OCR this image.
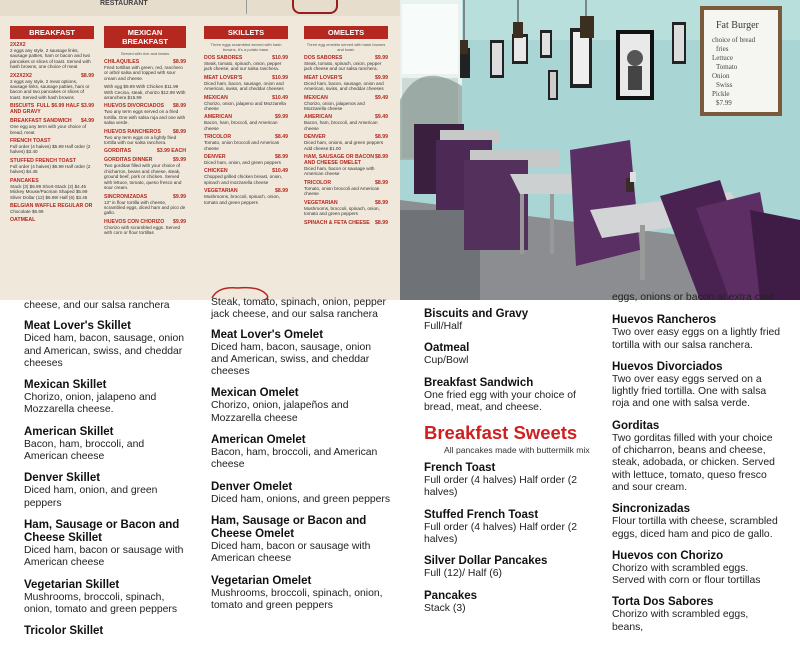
RESTAURANT
BREAKFAST
2X2X2
2 eggs any style, 2 sausage links, sausage patties, ham or bacon and two pancakes or slices of toast. Served with hash browns, one choice of meat
$8.99
2X2X2X2
2 eggs any style, 2 meat options, sausage links, sausage patties, ham or bacon and two pancakes or slices of toast. Served with hash browns
FULL $6.99 HALF $3.99
BISCUITS AND GRAVY
$4.99
BREAKFAST SANDWICH
One egg any term with your choice of bread, meat
FRENCH TOAST
Full order (4 halves) $5.99 Half order (2 halves) $3.40
STUFFED FRENCH TOAST
Full order (4 halves) $6.99 Half order (2 halves) $4.45
PANCAKES
Stack (3) $6.99 Short-Stack (2) $4.45 Mickey Mouse/Pacman Shaped $5.99 Silver Dollar (12) $6.99/ Half (6) $3.45
BELGIAN WAFFLE REGULAR OR
Chocolate $6.99
OATMEAL
MEXICAN BREAKFAST
Served with rice and beans
$8.99
CHILAQUILES
Fried tortillas with green, red, ranchero or arbol salsa and topped with sour cream and cheese.
With egg $9.99 With Chicken $11.99 With Cecina, steak, chorizo $12.99 With arranchera $15.99
$8.99
HUEVOS DIVORCIADOS
Two any term eggs served on a fried tortilla. One with salsa roja and one with salsa verde.
$8.99
HUEVOS RANCHEROS
Two any term eggs on a lightly fried tortilla with our salsa ranchera.
$3.99 EACH
GORDITAS
$9.99
GORDITAS DINNER
Two gorditas filled with your choice of chicharron, beans and cheese, steak, ground beef, pork or chicken. Served with lettuce, tomato, queso fresco and sour cream.
$9.99
SINCRONIZADAS
13" in flour tortilla with cheese, scrambled eggs, diced ham and pico de gallo.
$9.99
HUEVOS CON CHORIZO
Chorizo with scrambled eggs. Served with corn or flour tortillas
SKILLETS
Three eggs scrambled served with hash browns. It's a potato base.
$10.99
DOS SABORES
Steak, tomato, spinach, onion, pepper jack cheese, and our salsa ranchera.
$10.99
MEAT LOVER'S
Diced ham, bacon, sausage, onion and American, swiss, and cheddar cheeses
$10.49
MEXICAN
Chorizo, onion, jalapeno and Mozzarella cheese
$9.99
AMERICAN
Bacon, ham, broccoli, and American cheese
$8.49
TRICOLOR
Tomato, onion broccoli and American cheese
$8.99
DENVER
Diced ham, onion, and green peppers
$10.49
CHICKEN
Chopped grilled chicken breast, onion, spinach and mozzarella cheese
$8.99
VEGETARIAN
Mushrooms, broccoli, spinach, onion, tomato and green peppers
OMELETS
Three egg omelets served with hash browns and toast.
$9.99
DOS SABORES
Steak, tomato, spinach, onion, pepper jack cheese and our salsa ranchera.
$9.99
MEAT LOVER'S
Diced ham, bacon, sausage, onion and American, swiss, and cheddar cheeses
$9.49
MEXICAN
Chorizo, onion, jalapenos and Mozzarella cheese
$9.49
AMERICAN
Bacon, ham, broccoli, and American cheese
$8.99
DENVER
Diced ham, onions, and green peppers Add cheese $1.00
$8.99
HAM, SAUSAGE OR BACON AND CHEESE OMELET
Diced ham, bacon or sausage with American cheese
$8.99
TRICOLOR
Tomato, onion broccoli and American cheese
$8.99
VEGETARIAN
Mushrooms, broccoli, spinach, onion, tomato and green peppers
$8.99
SPINACH & FETA CHEESE
Fat Burger
choice of bread
fries
Lettuce
Tomato
Onion
Swiss
Pickle
$7.99
cheese, and our salsa ranchera
Meat Lover's Skillet
Diced ham, bacon, sausage, onion and American, swiss, and cheddar cheeses
Mexican Skillet
Chorizo, onion, jalapeno and Mozzarella cheese.
American Skillet
Bacon, ham, broccoli, and American cheese
Denver Skillet
Diced ham, onion, and green peppers
Ham, Sausage or Bacon and Cheese Skillet
Diced ham, bacon or sausage with American cheese
Vegetarian Skillet
Mushrooms, broccoli, spinach, onion, tomato and green peppers
Tricolor Skillet
Steak, tomato, spinach, onion, pepper jack cheese, and our salsa ranchera
Meat Lover's Omelet
Diced ham, bacon, sausage, onion and American, swiss, and cheddar cheeses
Mexican Omelet
Chorizo, onion, jalapeños and Mozzarella cheese
American Omelet
Bacon, ham, broccoli, and American cheese
Denver Omelet
Diced ham, onions, and green peppers
Ham, Sausage or Bacon and Cheese Omelet
Diced ham, bacon or sausage with American cheese
Vegetarian Omelet
Mushrooms, broccoli, spinach, onion, tomato and green peppers
Biscuits and Gravy
Full/Half
Oatmeal
Cup/Bowl
Breakfast Sandwich
One fried egg with your choice of bread, meat, and cheese.
Breakfast Sweets
All pancakes made with buttermilk mix
French Toast
Full order (4 halves) Half order (2 halves)
Stuffed French Toast
Full order (4 halves) Half order (2 halves)
Silver Dollar Pancakes
Full (12)/ Half (6)
Pancakes
Stack (3)
eggs, onions or bacon at extra cost
Huevos Rancheros
Two over easy eggs on a lightly fried tortilla with our salsa ranchera.
Huevos Divorciados
Two over easy eggs served on a lightly fried tortilla. One with salsa roja and one with salsa verde.
Gorditas
Two gorditas filled with your choice of chicharron, beans and cheese, steak, adobada, or chicken. Served with lettuce, tomato, queso fresco and sour cream.
Sincronizadas
Flour tortilla with cheese, scrambled eggs, diced ham and pico de gallo.
Huevos con Chorizo
Chorizo with scrambled eggs. Served with corn or flour tortillas
Torta Dos Sabores
Chorizo with scrambled eggs, beans,
